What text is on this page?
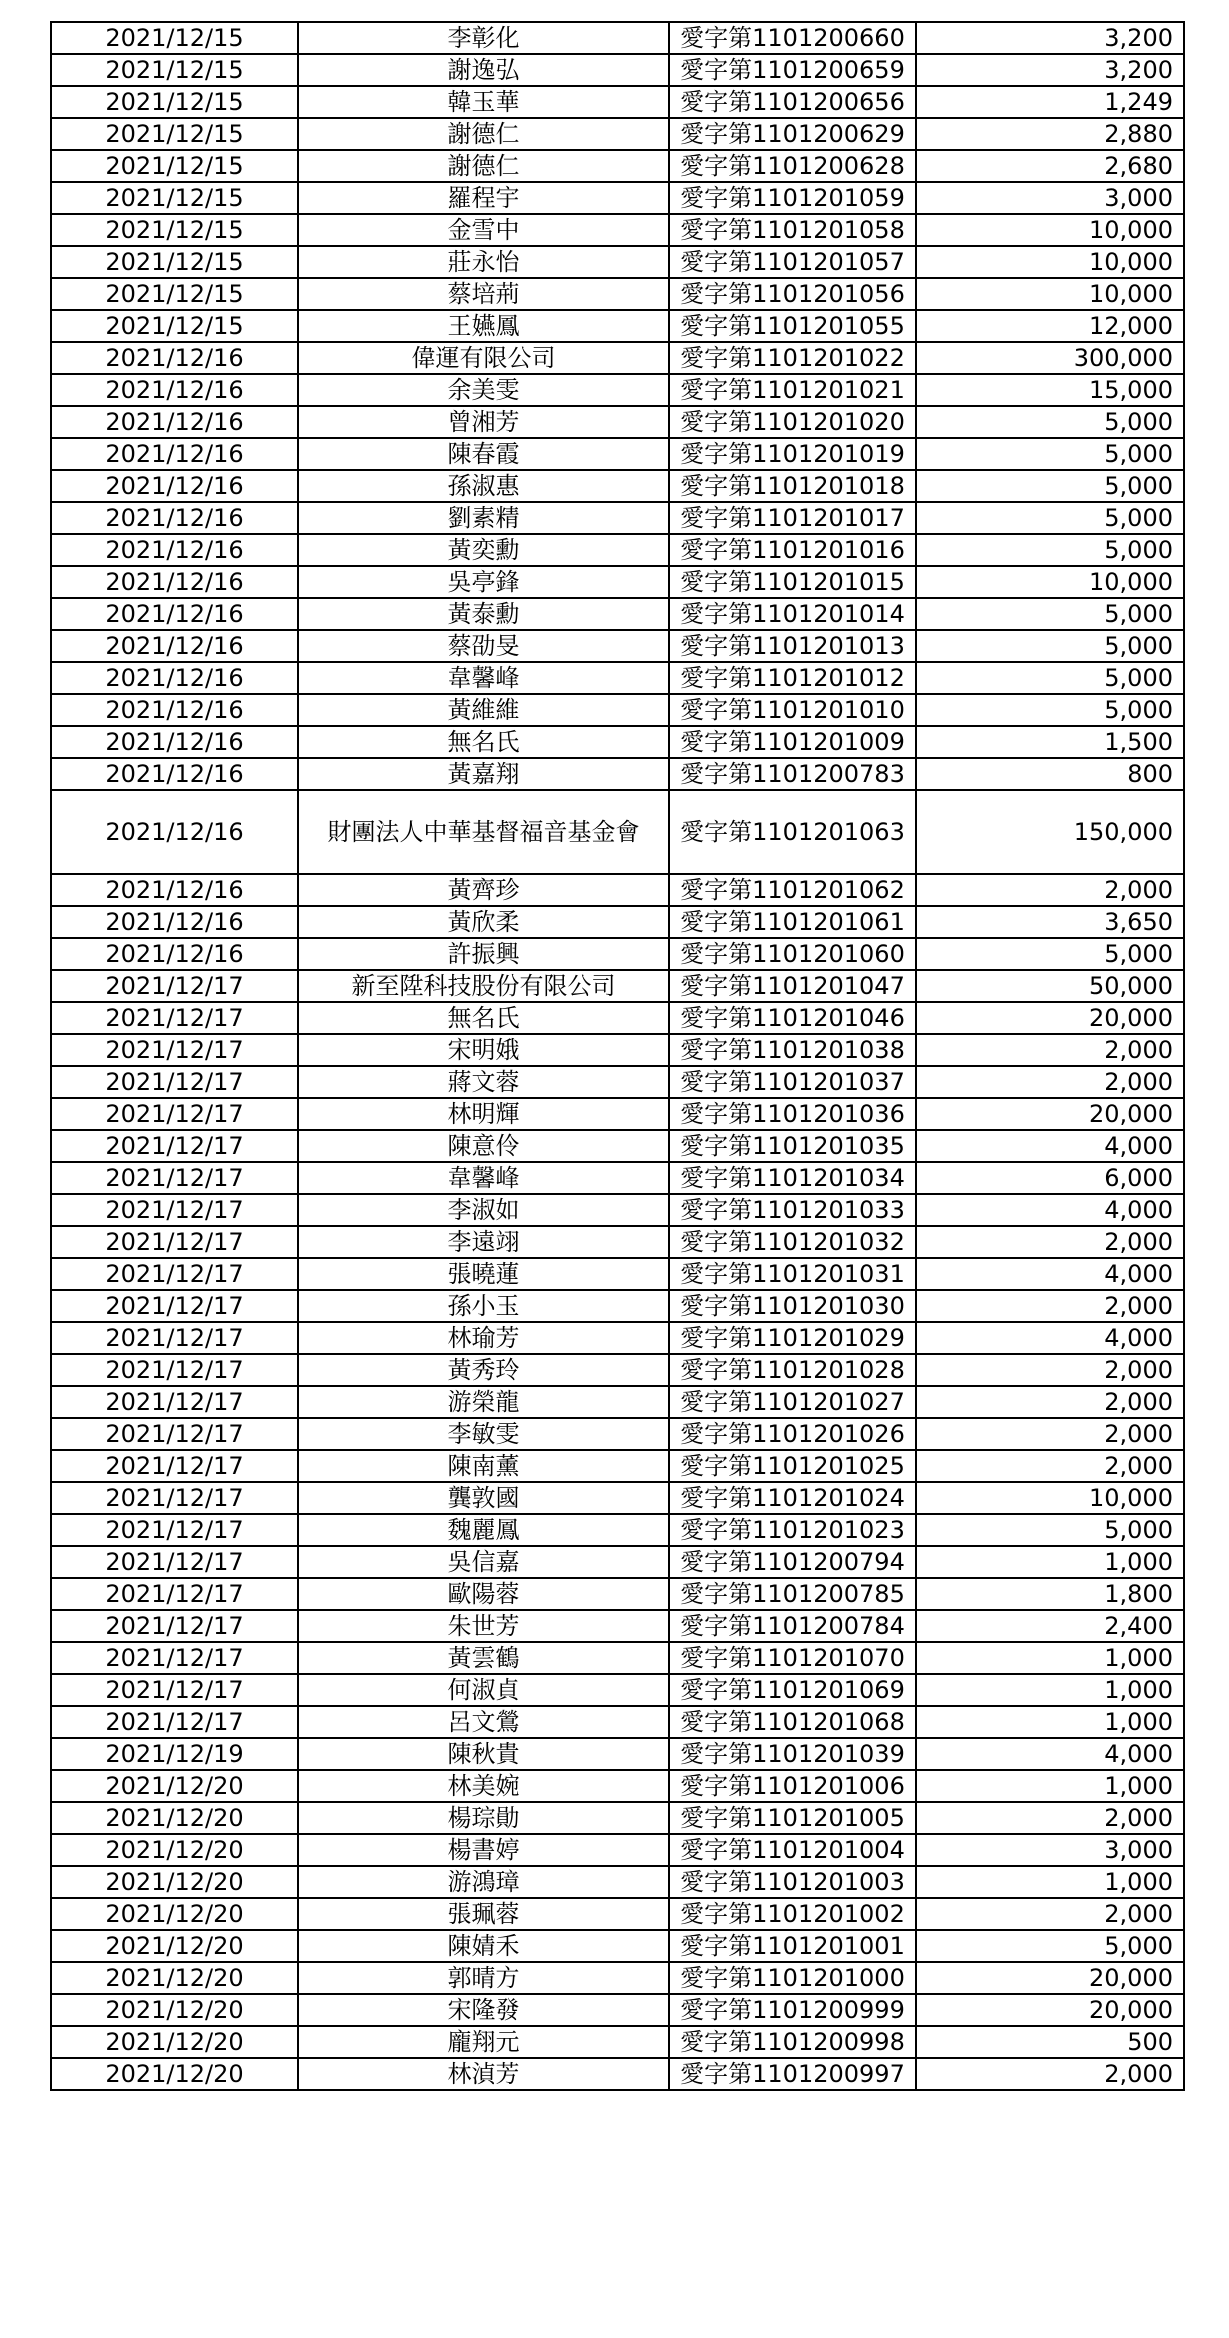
2021/12/15	李彰化	愛字第1101200660	3,200
2021/12/15	謝逸弘	愛字第1101200659	3,200
2021/12/15	韓玉華	愛字第1101200656	1,249
2021/12/15	謝德仁	愛字第1101200629	2,880
2021/12/15	謝德仁	愛字第1101200628	2,680
2021/12/15	羅程宇	愛字第1101201059	3,000
2021/12/15	金雪中	愛字第1101201058	10,000
2021/12/15	莊永怡	愛字第1101201057	10,000
2021/12/15	蔡培荊	愛字第1101201056	10,000
2021/12/15	王嬿鳳	愛字第1101201055	12,000
2021/12/16	偉運有限公司	愛字第1101201022	300,000
2021/12/16	余美雯	愛字第1101201021	15,000
2021/12/16	曾湘芳	愛字第1101201020	5,000
2021/12/16	陳春霞	愛字第1101201019	5,000
2021/12/16	孫淑惠	愛字第1101201018	5,000
2021/12/16	劉素精	愛字第1101201017	5,000
2021/12/16	黃奕勳	愛字第1101201016	5,000
2021/12/16	吳亭鋒	愛字第1101201015	10,000
2021/12/16	黃泰勳	愛字第1101201014	5,000
2021/12/16	蔡劭旻	愛字第1101201013	5,000
2021/12/16	韋馨峰	愛字第1101201012	5,000
2021/12/16	黃維維	愛字第1101201010	5,000
2021/12/16	無名氏	愛字第1101201009	1,500
2021/12/16	黃嘉翔	愛字第1101200783	800
2021/12/16	財團法人中華基督福音基金會	愛字第1101201063	150,000
2021/12/16	黃齊珍	愛字第1101201062	2,000
2021/12/16	黃欣柔	愛字第1101201061	3,650
2021/12/16	許振興	愛字第1101201060	5,000
2021/12/17	新至陞科技股份有限公司	愛字第1101201047	50,000
2021/12/17	無名氏	愛字第1101201046	20,000
2021/12/17	宋明娥	愛字第1101201038	2,000
2021/12/17	蔣文蓉	愛字第1101201037	2,000
2021/12/17	林明輝	愛字第1101201036	20,000
2021/12/17	陳意伶	愛字第1101201035	4,000
2021/12/17	韋馨峰	愛字第1101201034	6,000
2021/12/17	李淑如	愛字第1101201033	4,000
2021/12/17	李遠翊	愛字第1101201032	2,000
2021/12/17	張曉蓮	愛字第1101201031	4,000
2021/12/17	孫小玉	愛字第1101201030	2,000
2021/12/17	林瑜芳	愛字第1101201029	4,000
2021/12/17	黃秀玲	愛字第1101201028	2,000
2021/12/17	游榮龍	愛字第1101201027	2,000
2021/12/17	李敏雯	愛字第1101201026	2,000
2021/12/17	陳南薰	愛字第1101201025	2,000
2021/12/17	龔敦國	愛字第1101201024	10,000
2021/12/17	魏麗鳳	愛字第1101201023	5,000
2021/12/17	吳信嘉	愛字第1101200794	1,000
2021/12/17	歐陽蓉	愛字第1101200785	1,800
2021/12/17	朱世芳	愛字第1101200784	2,400
2021/12/17	黃雲鶴	愛字第1101201070	1,000
2021/12/17	何淑貞	愛字第1101201069	1,000
2021/12/17	呂文鶯	愛字第1101201068	1,000
2021/12/19	陳秋貴	愛字第1101201039	4,000
2021/12/20	林美婉	愛字第1101201006	1,000
2021/12/20	楊琮勛	愛字第1101201005	2,000
2021/12/20	楊書婷	愛字第1101201004	3,000
2021/12/20	游鴻璋	愛字第1101201003	1,000
2021/12/20	張珮蓉	愛字第1101201002	2,000
2021/12/20	陳婧禾	愛字第1101201001	5,000
2021/12/20	郭晴方	愛字第1101201000	20,000
2021/12/20	宋隆發	愛字第1101200999	20,000
2021/12/20	龐翔元	愛字第1101200998	500
2021/12/20	林湞芳	愛字第1101200997	2,000
